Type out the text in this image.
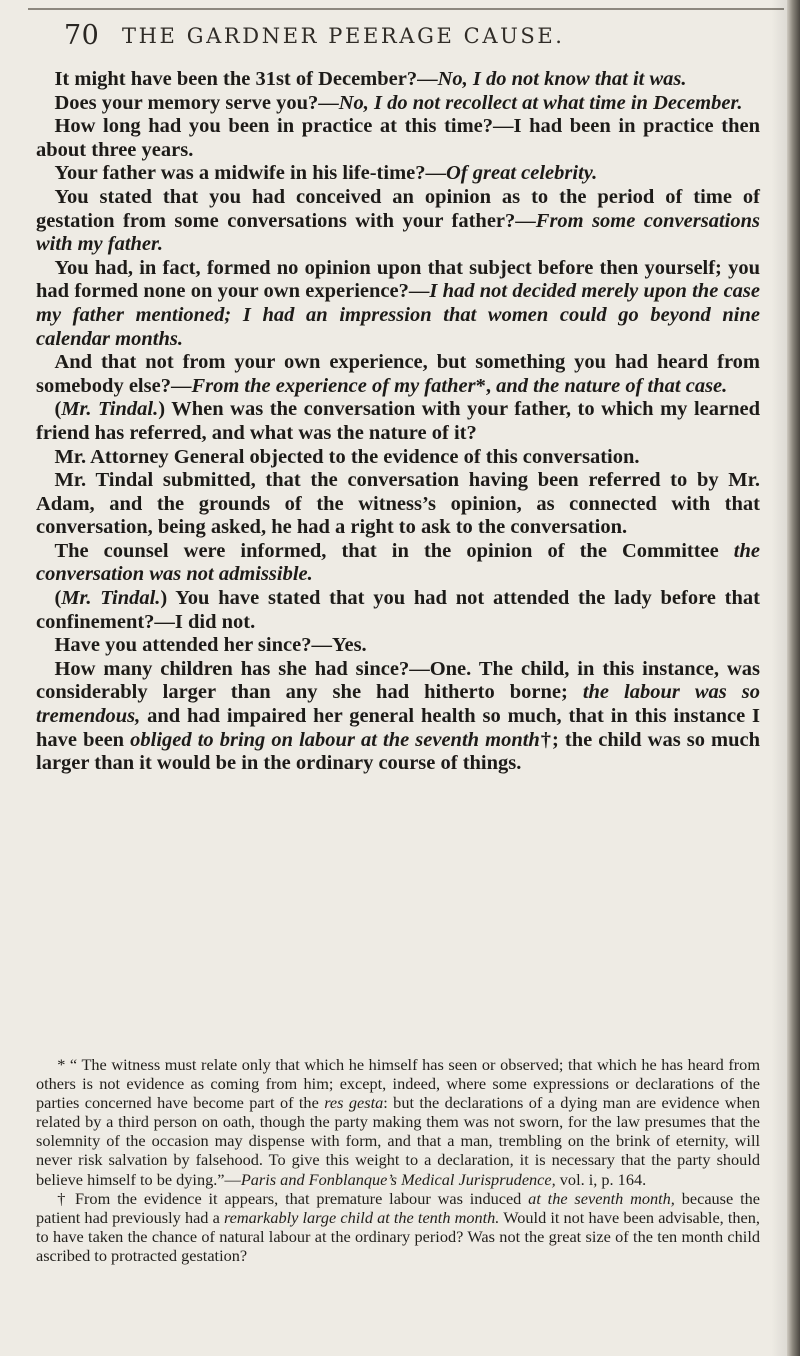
70 THE GARDNER PEERAGE CAUSE.

It might have been the 31st of December?—No, I do not know that it was.

Does your memory serve you?—No, I do not recollect at what time in December.

How long had you been in practice at this time?—I had been in practice then about three years.

Your father was a midwife in his life-time?—Of great celebrity.

You stated that you had conceived an opinion as to the period of time of gestation from some conversations with your father?—From some conversations with my father.

You had, in fact, formed no opinion upon that subject before then yourself; you had formed none on your own experience?—I had not decided merely upon the case my father mentioned; I had an impression that women could go beyond nine calendar months.

And that not from your own experience, but something you had heard from somebody else?—From the experience of my father*, and the nature of that case.

(Mr. Tindal.) When was the conversation with your father, to which my learned friend has referred, and what was the nature of it?

Mr. Attorney General objected to the evidence of this conversation.

Mr. Tindal submitted, that the conversation having been referred to by Mr. Adam, and the grounds of the witness’s opinion, as connected with that conversation, being asked, he had a right to ask to the conversation.

The counsel were informed, that in the opinion of the Committee the conversation was not admissible.

(Mr. Tindal.) You have stated that you had not attended the lady before that confinement?—I did not.

Have you attended her since?—Yes.

How many children has she had since?—One. The child, in this instance, was considerably larger than any she had hitherto borne; the labour was so tremendous, and had impaired her general health so much, that in this instance I have been obliged to bring on labour at the seventh month†; the child was so much larger than it would be in the ordinary course of things.

* “ The witness must relate only that which he himself has seen or observed; that which he has heard from others is not evidence as coming from him; except, indeed, where some expressions or declarations of the parties concerned have become part of the res gesta: but the declarations of a dying man are evidence when related by a third person on oath, though the party making them was not sworn, for the law presumes that the solemnity of the occasion may dispense with form, and that a man, trembling on the brink of eternity, will never risk salvation by falsehood. To give this weight to a declaration, it is necessary that the party should believe himself to be dying.”—Paris and Fonblanque’s Medical Jurisprudence, vol. i, p. 164.

† From the evidence it appears, that premature labour was induced at the seventh month, because the patient had previously had a remarkably large child at the tenth month. Would it not have been advisable, then, to have taken the chance of natural labour at the ordinary period? Was not the great size of the ten month child ascribed to protracted gestation?
